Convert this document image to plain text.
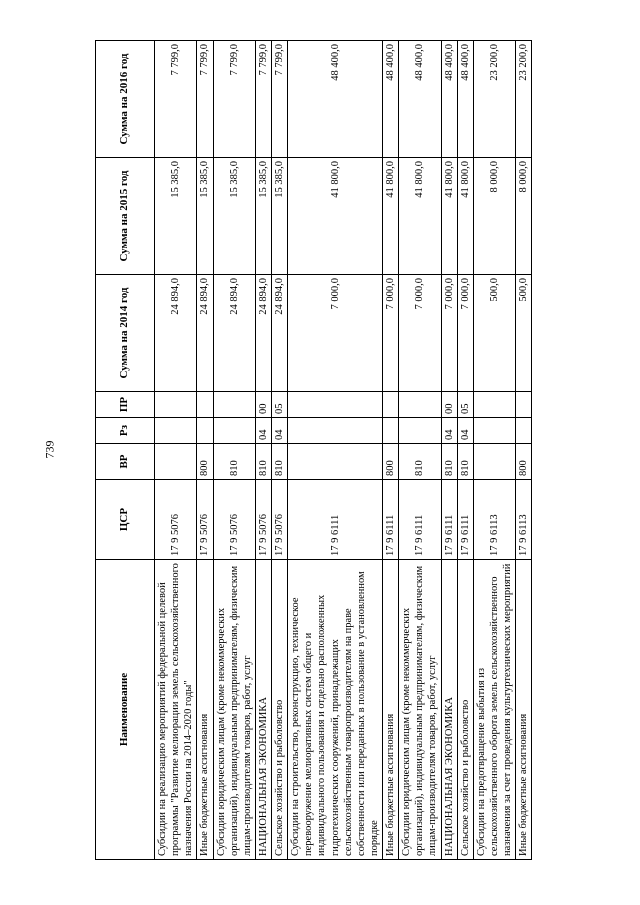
739
Наименование	ЦСР	ВР	Рз	ПР	Сумма на 2014 год	Сумма на 2015 год	Сумма на 2016 год
Субсидии на реализацию мероприятий федеральной целевой программы "Развитие мелиорации земель сельскохозяйственного назначения России на 2014–2020 годы"	17 9 5076				24 894,0	15 385,0	7 799,0
Иные бюджетные ассигнования	17 9 5076	800			24 894,0	15 385,0	7 799,0
Субсидии юридическим лицам (кроме некоммерческих организаций), индивидуальным предпринимателям, физическим лицам-производителям товаров, работ, услуг	17 9 5076	810			24 894,0	15 385,0	7 799,0
НАЦИОНАЛЬНАЯ ЭКОНОМИКА	17 9 5076	810	04	00	24 894,0	15 385,0	7 799,0
Сельское хозяйство и рыболовство	17 9 5076	810	04	05	24 894,0	15 385,0	7 799,0
Субсидии на строительство, реконструкцию, техническое перевооружение мелиоративных систем общего и индивидуального пользования и отдельно расположенных гидротехнических сооружений, принадлежащих сельскохозяйственным товаропроизводителям на праве собственности или переданных в пользование в установленном порядке	17 9 6111				7 000,0	41 800,0	48 400,0
Иные бюджетные ассигнования	17 9 6111	800			7 000,0	41 800,0	48 400,0
Субсидии юридическим лицам (кроме некоммерческих организаций), индивидуальным предпринимателям, физическим лицам-производителям товаров, работ, услуг	17 9 6111	810			7 000,0	41 800,0	48 400,0
НАЦИОНАЛЬНАЯ ЭКОНОМИКА	17 9 6111	810	04	00	7 000,0	41 800,0	48 400,0
Сельское хозяйство и рыболовство	17 9 6111	810	04	05	7 000,0	41 800,0	48 400,0
Субсидии на предотвращение выбытия из сельскохозяйственного оборота земель сельскохозяйственного назначения за счет проведения культуртехнических мероприятий	17 9 6113				500,0	8 000,0	23 200,0
Иные бюджетные ассигнования	17 9 6113	800			500,0	8 000,0	23 200,0
